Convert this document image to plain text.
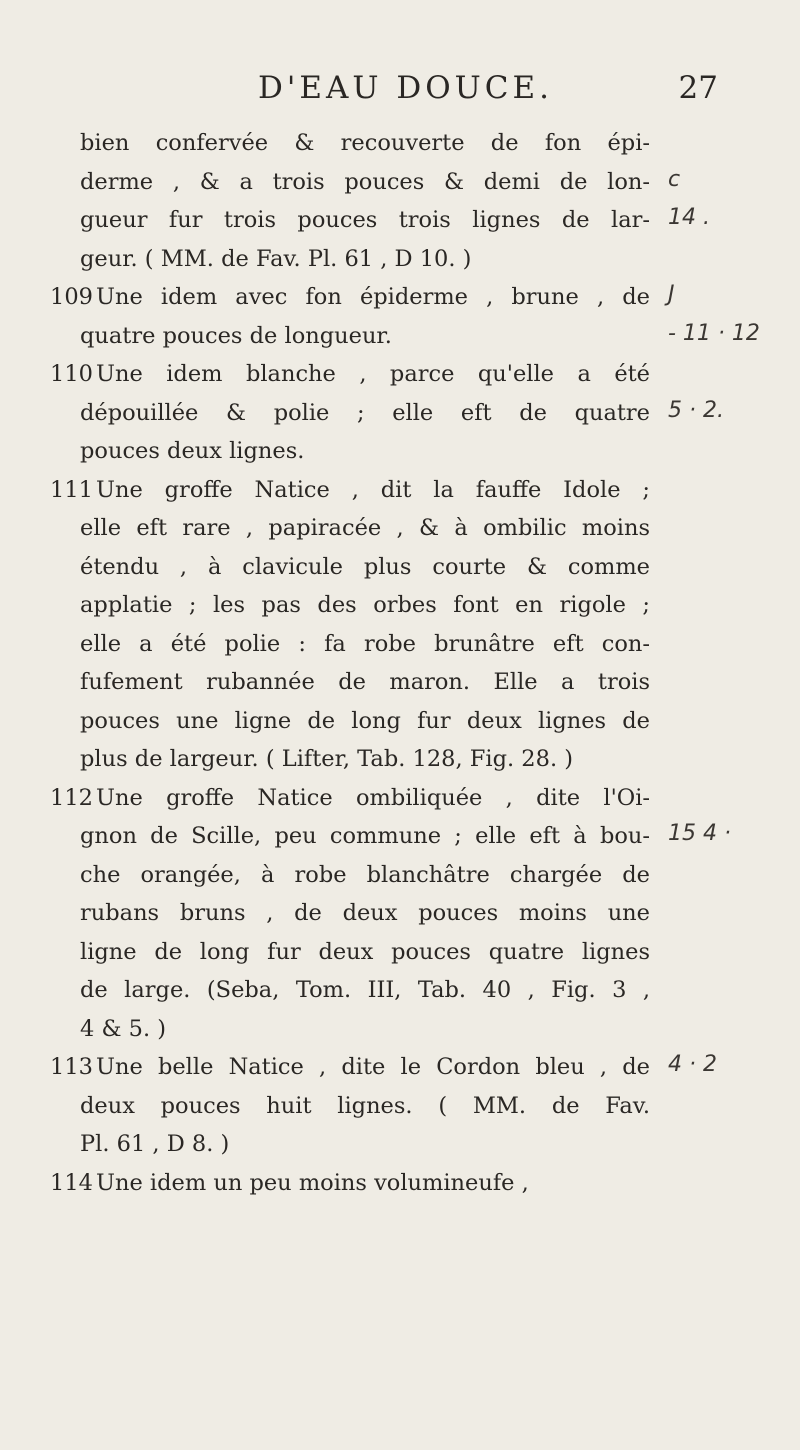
D'EAU DOUCE.	27
bien confervée & recouverte de fon épi-
derme , & a trois pouces & demi de lon-
gueur fur trois pouces trois lignes de lar-
geur. ( MM. de Fav. Pl. 61 , D 10. )
109 Une idem avec fon épiderme , brune , de
quatre pouces de longueur.
110 Une idem blanche , parce qu'elle a été
dépouillée & polie ; elle eft de quatre
pouces deux lignes.
111 Une groffe Natice , dit la fauffe Idole ;
elle eft rare , papiracée , & à ombilic moins
étendu , à clavicule plus courte & comme
applatie ; les pas des orbes font en rigole ;
elle a été polie : fa robe brunâtre eft con-
fufement rubannée de maron. Elle a trois
pouces une ligne de long fur deux lignes de
plus de largeur. ( Lifter, Tab. 128, Fig. 28. )
112 Une groffe Natice ombiliquée , dite l'Oi-
gnon de Scille, peu commune ; elle eft à bou-
che orangée, à robe blanchâtre chargée de
rubans bruns , de deux pouces moins une
ligne de long fur deux pouces quatre lignes
de large. (Seba, Tom. III, Tab. 40 , Fig. 3 ,
4 & 5. )
113 Une belle Natice , dite le Cordon bleu , de
deux pouces huit lignes. ( MM. de Fav.
Pl. 61 , D 8. )
114 Une idem un peu moins volumineufe ,
c
14 .
J
- 11 · 12
5 · 2.
15 4 ·
4 · 2
